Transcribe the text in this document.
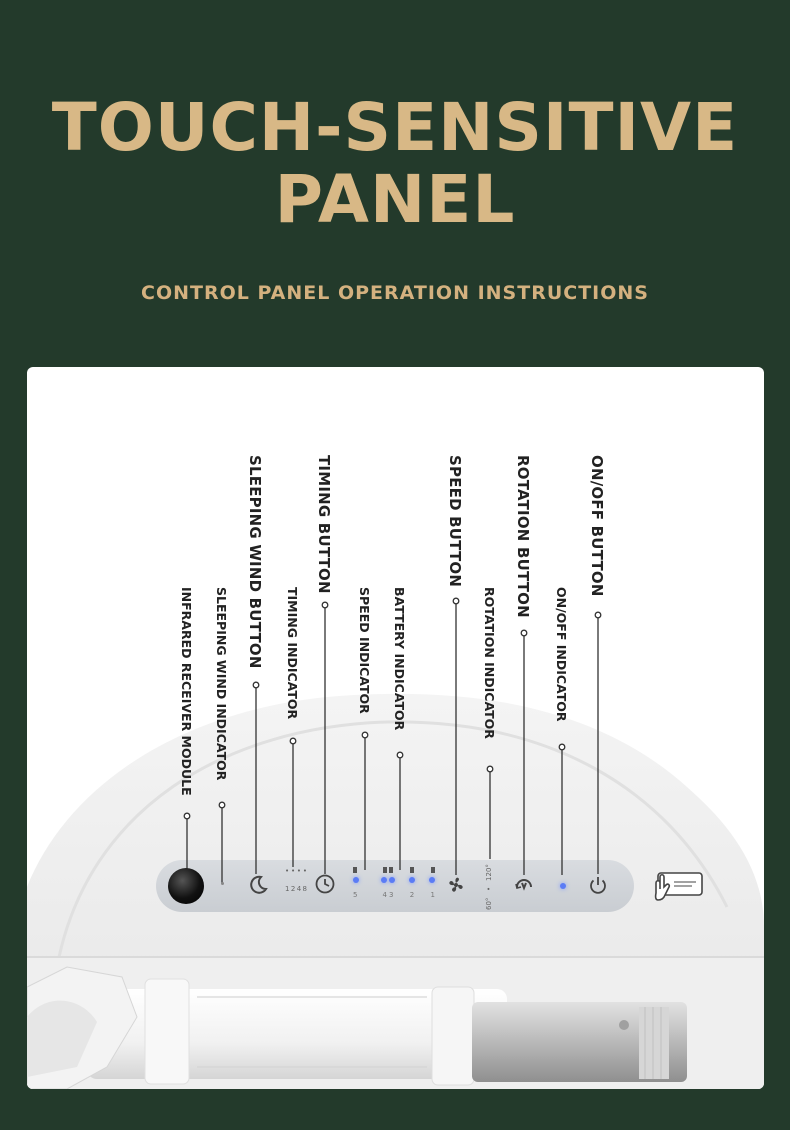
TOUCH-SENSITIVE
PANEL
CONTROL PANEL OPERATION INSTRUCTIONS
SLEEPING WIND BUTTON	TIMING BUTTON	SPEED BUTTON	ROTATION BUTTON	ON/OFF BUTTON
INFRARED RECEIVER MODULE SLEEPING WIND INDICATOR	TIMING INDICATOR	SPEED INDICATOR BATTERY INDICATOR	ROTATION INDICATOR	ON/OFF INDICATOR
• • • •
1 2 4 8
5	4 3 2 1
60° • 120°
